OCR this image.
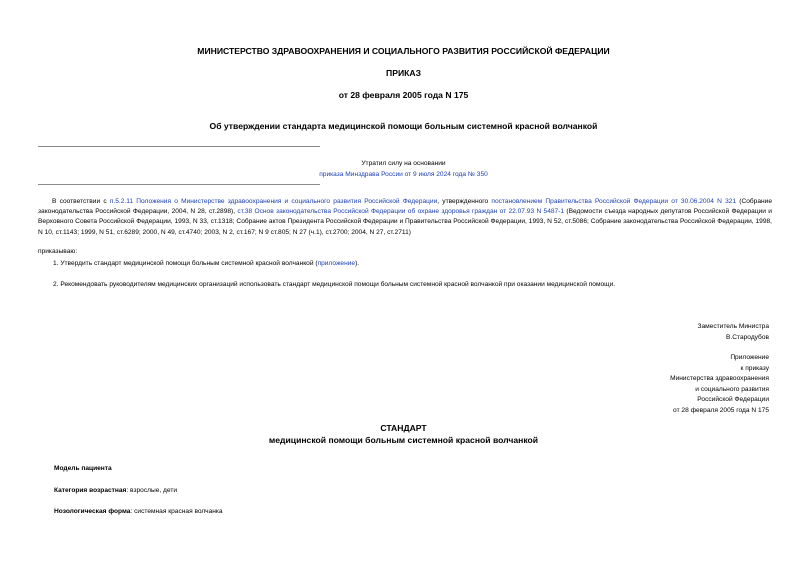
МИНИСТЕРСТВО ЗДРАВООХРАНЕНИЯ И СОЦИАЛЬНОГО РАЗВИТИЯ РОССИЙСКОЙ ФЕДЕРАЦИИ
ПРИКАЗ
от 28 февраля 2005 года N 175
Об утверждении стандарта медицинской помощи больным системной красной волчанкой
Утратил силу на основании
приказа Минздрава России от 9 июля 2024 года № 350
В соответствии с п.5.2.11 Положения о Министерстве здравоохранения и социального развития Российской Федерации, утвержденного постановлением Правительства Российской Федерации от 30.06.2004 N 321 (Собрание законодательства Российской Федерации, 2004, N 28, ст.2898), ст.38 Основ законодательства Российской Федерации об охране здоровья граждан от 22.07.93 N 5487-1 (Ведомости съезда народных депутатов Российской Федерации и Верховного Совета Российской Федерации, 1993, N 33, ст.1318; Собрание актов Президента Российской Федерации и Правительства Российской Федерации, 1993, N 52, ст.5086; Собрание законодательства Российской Федерации, 1998, N 10, ст.1143; 1999, N 51, ст.6289; 2000, N 49, ст.4740; 2003, N 2, ст.167; N 9 ст.805; N 27 (ч.1), ст.2700; 2004, N 27, ст.2711)
приказываю:
1. Утвердить стандарт медицинской помощи больным системной красной волчанкой (приложение).
2. Рекомендовать руководителям медицинских организаций использовать стандарт медицинской помощи больным системной красной волчанкой при оказании медицинской помощи.
Заместитель Министра
В.Стародубов
Приложение
к приказу
Министерства здравоохранения
и социального развития
Российской Федерации
от 28 февраля 2005 года N 175
СТАНДАРТ
медицинской помощи больным системной красной волчанкой
Модель пациента
Категория возрастная: взрослые, дети
Нозологическая форма: системная красная волчанка
